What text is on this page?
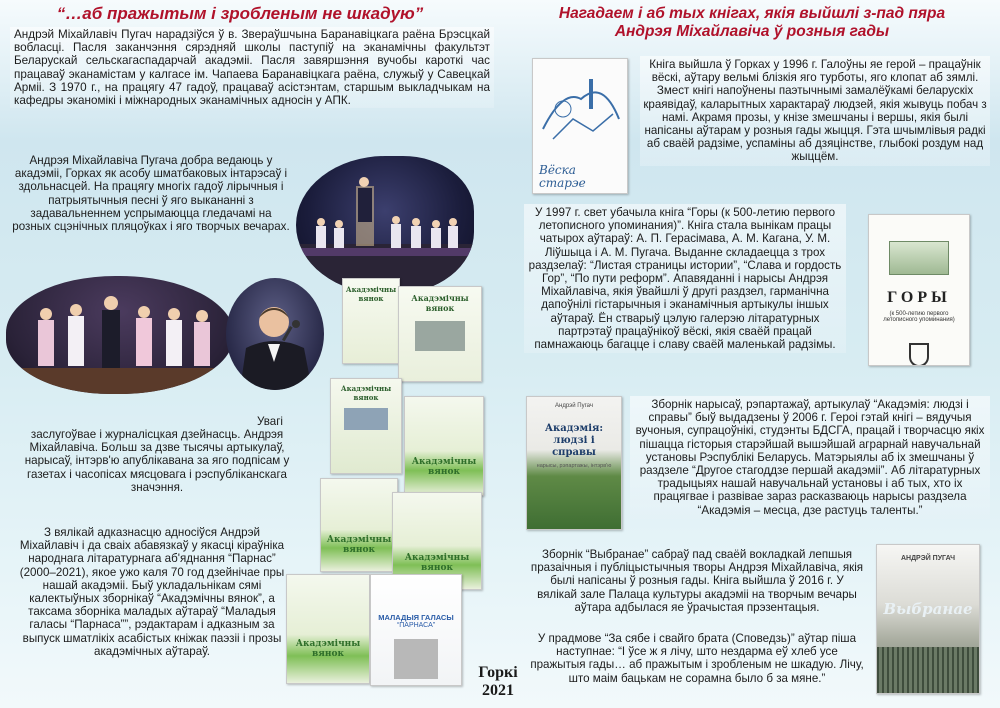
“…аб пражытым і зробленым не шкадую”
Андрэй Міхайлавіч Пугач нарадзіўся ў в. Звераўшчына Баранавіцкага раёна Брэсцкай вобласці. Пасля заканчэння сярэдняй школы паступіў на эканамічны факультэт Беларускай сельскагаспадарчай акадэміі. Пасля завяршэння вучобы кароткі час працаваў эканамістам у калгасе ім. Чапаева Баранавіцкага раёна, служыў у Савецкай Арміі. З 1970 г., на працягу 47 гадоў, працаваў асістэнтам, старшым выкладчыкам на кафедры эканомікі і міжнародных эканамічных адносін у АПК.
Андрэя Міхайлавіча Пугача добра ведаюць у акадэміі, Горках як асобу шматбаковых інтарэсаў і здольнасцей. На працягу многіх гадоў лірычныя і патрыятычныя песні ў яго выкананні з задавальненнем успрымаюцца гледачамі на розных сцэнічных пляцоўках і яго творчых вечарах.
Увагі
заслугоўвае і журналісцкая дзейнасць. Андрэя Міхайлавіча. Больш за дзве тысячы артыкулаў, нарысаў, інтэрв'ю апублікавана за яго подпісам у газетах і часопісах мясцовага і рэспубліканскага значэння.
З вялікай адказнасцю адносіўся Андрэй Міхайлавіч і да сваіх абавязкаў у якасці кіраўніка народнага літаратурнага аб'яднання “Парнас” (2000–2021), якое ужо каля 70 год дзейнічае пры нашай акадэміі. Быў укладальнікам сямі калектыўных зборнікаў “Акадэмічны вянок”, а таксама зборніка маладых аўтараў “Маладыя галасы “Парнаса””, рэдактарам і адказным за выпуск шматлікіх асабістых кніжак паэзіі і прозы акадэмічных аўтараў.
Акадэмічны вянок	Акадэмічны вянок
Акадэмічны вянок
Акадэмічны вянок
Акадэмічны вянок
Акадэмічны вянок
Акадэмічны вянок
МАЛАДЫЯ ГАЛАСЫ
“ПАРНАСА”
Горкі
2021
Нагадаем і аб тых кнігах, якія выйшлі з-пад пяра
Андрэя Міхайлавіча ў розныя гады
Вёска старэе
Кніга выйшла ў Горках у 1996 г. Галоўны яе герой – працаўнік вёскі, аўтару вельмі блізкія яго турботы, яго клопат аб зямлі. Змест кнігі напоўнены паэтычнымі замалёўкамі беларускіх краявідаў, каларытных характараў людзей, якія жывуць побач з намі. Акрамя прозы, у кнізе змешчаны і вершы, якія былі напісаны аўтарам у розныя гады жыцця. Гэта шчымлівыя радкі аб сваёй радзіме, успаміны аб дзяцінстве, глыбокі роздум над жыццём.
У 1997 г. свет убачыла кніга “Горы (к 500-летию первого летописного упоминания)”. Кніга стала вынікам працы чатырох аўтараў: А. П. Герасімава, А. М. Кагана, У. М. Ліўшыца і А. М. Пугача. Выданне складаецца з трох раздзелаў: “Листая страницы истории”, “Слава и гордость Гор”, “По пути реформ”. Апавяданні і нарысы Андрэя Міхайлавіча, якія ўвайшлі ў другі раздзел, гарманічна дапоўнілі гістарычныя і эканамічныя артыкулы іншых аўтараў. Ён стварыў цэлую галерэю літаратурных партрэтаў працаўнікоў вёскі, якія сваёй працай памнажаюць багацце і славу сваёй маленькай радзімы.
ГОРЫ
(к 500-летию первого летописного упоминания)
Андрэй Пугач
Акадэмія: людзі і справы
нарысы, рэпартажы, інтэрв'ю
Зборнік нарысаў, рэпартажаў, артыкулаў “Акадэмія: людзі і справы” быў выдадзены ў 2006 г. Героі гэтай кнігі – вядучыя вучоныя, супрацоўнікі, студэнты БДСГА, працай і творчасцю якіх пішацца гісторыя старэйшай вышэйшай аграрнай навучальнай установы Рэспублікі Беларусь. Матэрыялы аб іх змешчаны ў раздзеле “Другое стагоддзе першай акадэміі”. Аб літаратурных традыцыях нашай навучальнай установы і аб тых, хто іх працягвае і развівае зараз расказваюць нарысы раздзела “Акадэмія – месца, дзе растуць таленты.”
Зборнік “Выбранае” сабраў пад сваёй вокладкай лепшыя празаічныя і публіцыстычныя творы Андрэя Міхайлавіча, якія былі напісаны ў розныя гады. Кніга выйшла ў 2016 г. У вялікай зале Палаца культуры акадэміі на творчым вечары аўтара адбылася яе ўрачыстая прэзентацыя.
У прадмове “За сябе і свайго брата (Споведзь)” аўтар піша наступнае: “І ўсе ж я лічу, што нездарма еў хлеб усе пражытыя гады… аб пражытым і зробленым не шкадую. Лічу, што маім бацькам не сорамна было б за мяне.”
АНДРЭЙ ПУГАЧ
Выбранае
